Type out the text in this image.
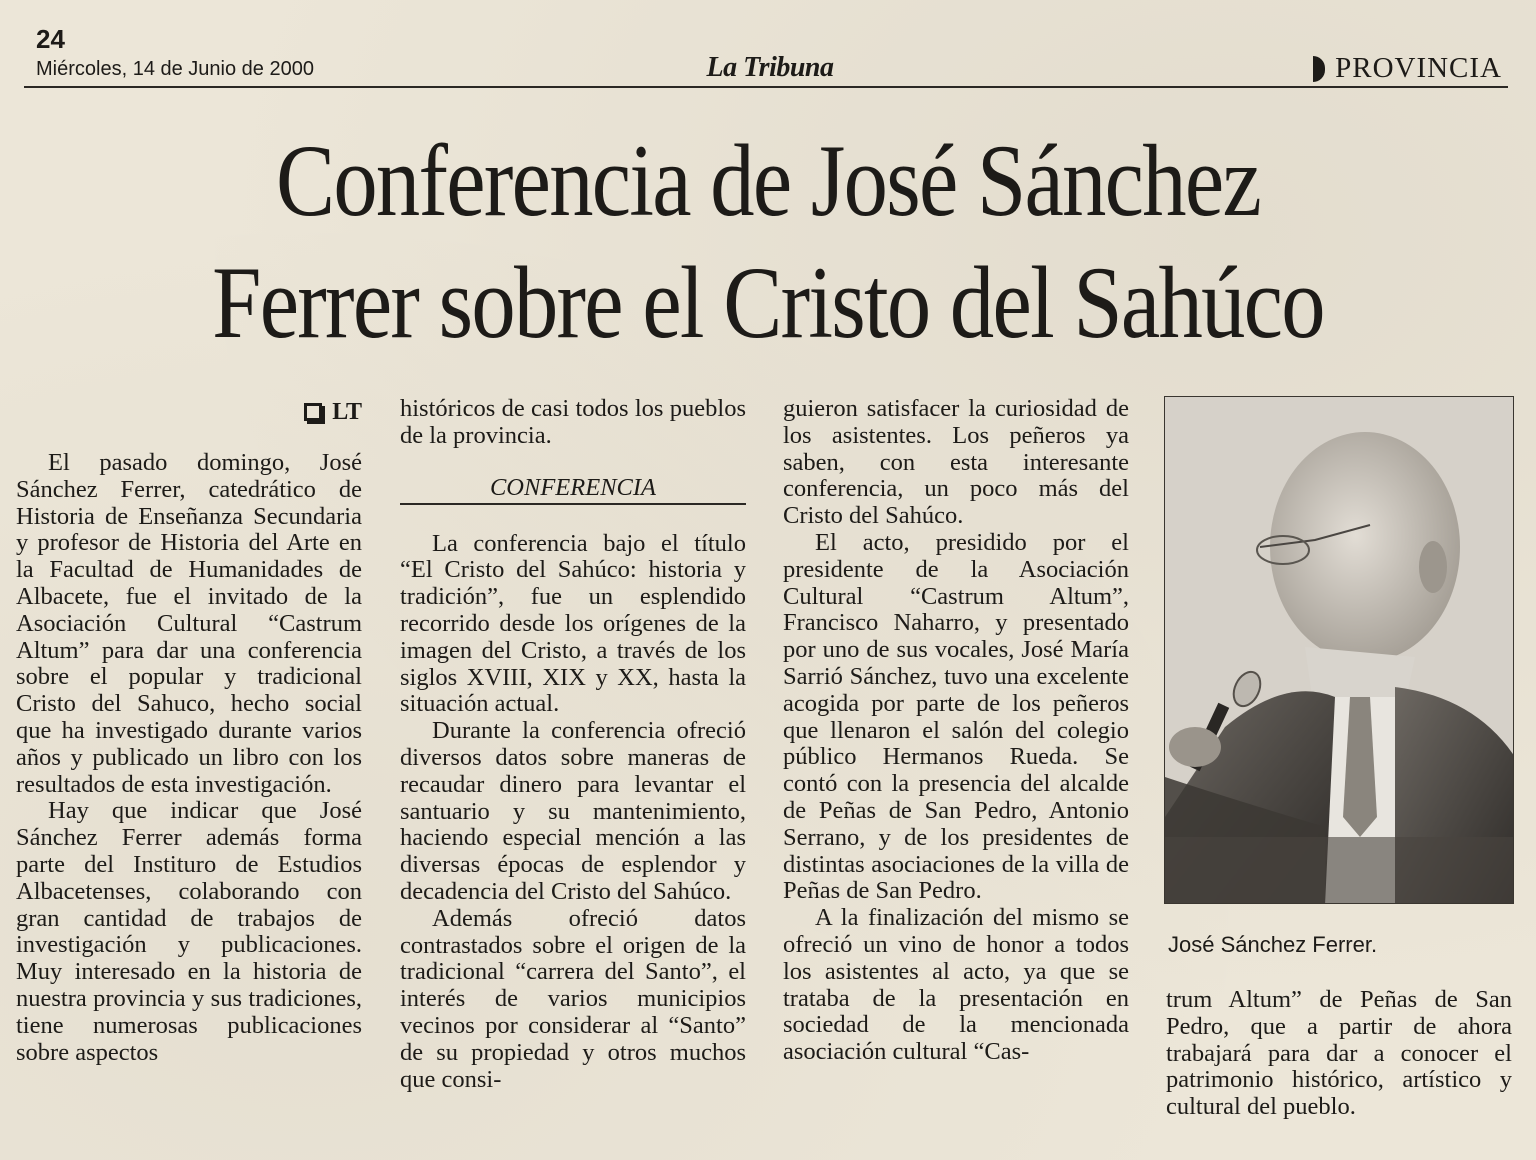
24
Miércoles, 14 de Junio de 2000	La Tribuna	PROVINCIA
Conferencia de José Sánchez
Ferrer sobre el Cristo del Sahúco
LT

El pasado domingo, José Sánchez Ferrer, catedrático de Historia de Enseñanza Secundaria y profesor de Historia del Arte en la Facultad de Humanidades de Albacete, fue el invitado de la Asociación Cultural “Castrum Altum” para dar una conferencia sobre el popular y tradicional Cristo del Sahuco, hecho social que ha investigado durante varios años y publicado un libro con los resultados de esta investigación.

Hay que indicar que José Sánchez Ferrer además forma parte del Instituro de Estudios Albacetenses, colaborando con gran cantidad de trabajos de investigación y publicaciones. Muy interesado en la historia de nuestra provincia y sus tradiciones, tiene numerosas publicaciones sobre aspectos

históricos de casi todos los pueblos de la provincia.

CONFERENCIA

La conferencia bajo el título “El Cristo del Sahúco: historia y tradición”, fue un esplendido recorrido desde los orígenes de la imagen del Cristo, a través de los siglos XVIII, XIX y XX, hasta la situación actual.

Durante la conferencia ofreció diversos datos sobre maneras de recaudar dinero para levantar el santuario y su mantenimiento, haciendo especial mención a las diversas épocas de esplendor y decadencia del Cristo del Sahúco.

Además ofreció datos contrastados sobre el origen de la tradicional “carrera del Santo”, el interés de varios municipios vecinos por considerar al “Santo” de su propiedad y otros muchos que consi-

guieron satisfacer la curiosidad de los asistentes. Los peñeros ya saben, con esta interesante conferencia, un poco más del Cristo del Sahúco.

El acto, presidido por el presidente de la Asociación Cultural “Castrum Altum”, Francisco Naharro, y presentado por uno de sus vocales, José María Sarrió Sánchez, tuvo una excelente acogida por parte de los peñeros que llenaron el salón del colegio público Hermanos Rueda. Se contó con la presencia del alcalde de Peñas de San Pedro, Antonio Serrano, y de los presidentes de distintas asociaciones de la villa de Peñas de San Pedro.

A la finalización del mismo se ofreció un vino de honor a todos los asistentes al acto, ya que se trataba de la presentación en sociedad de la mencionada asociación cultural “Cas-

José Sánchez Ferrer.

trum Altum” de Peñas de San Pedro, que a partir de ahora trabajará para dar a conocer el patrimonio histórico, artístico y cultural del pueblo.
